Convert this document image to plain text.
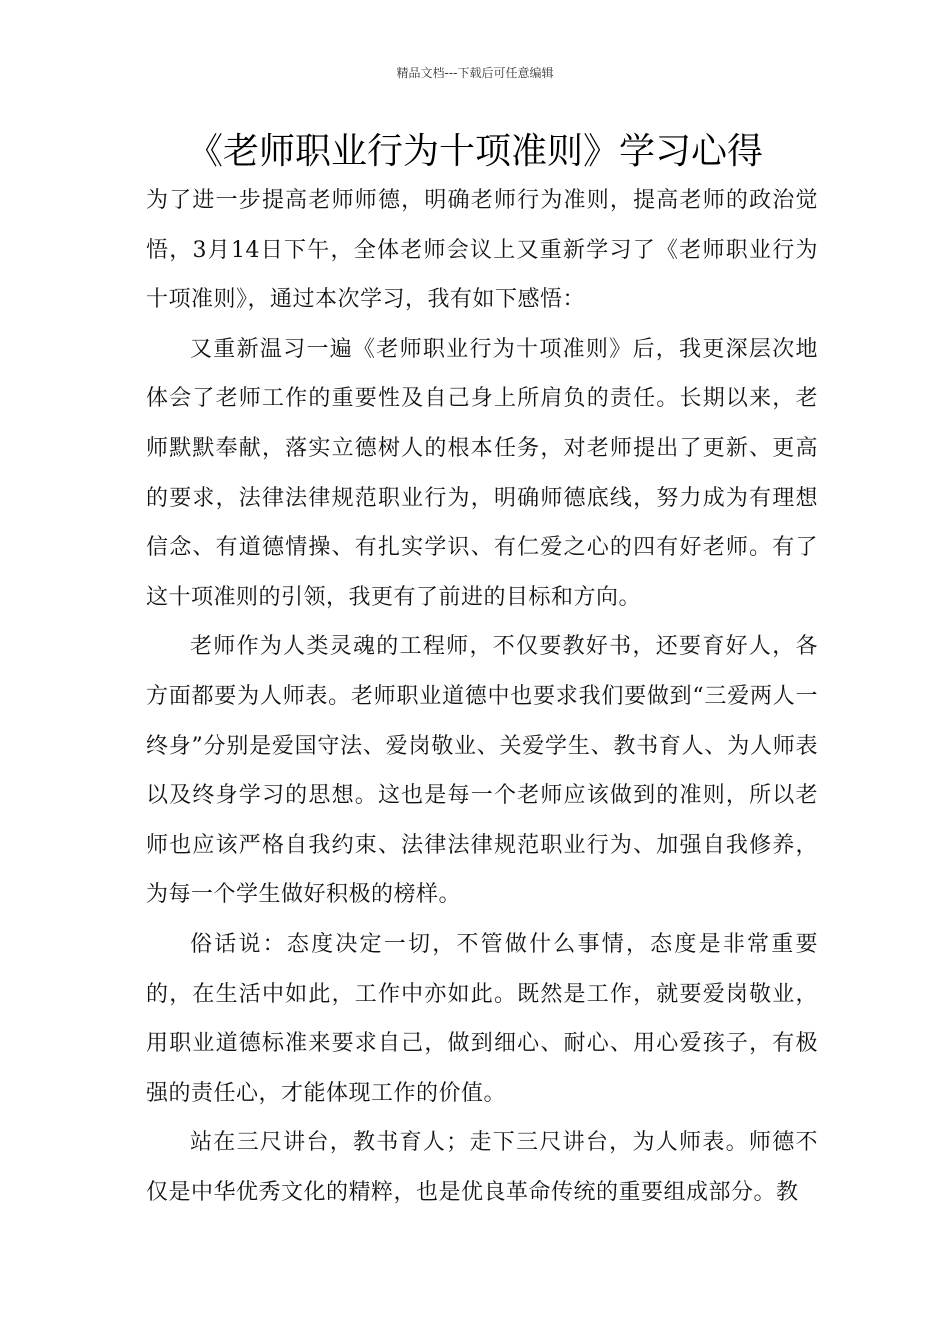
精品文档---下载后可任意编辑
《老师职业行为十项准则》学习心得

为了进一步提高老师师德，明确老师行为准则，提高老师的政治觉悟，3月14日下午，全体老师会议上又重新学习了《老师职业行为十项准则》，通过本次学习，我有如下感悟：

又重新温习一遍《老师职业行为十项准则》后，我更深层次地体会了老师工作的重要性及自己身上所肩负的责任。长期以来，老师默默奉献，落实立德树人的根本任务，对老师提出了更新、更高的要求，法律法律规范职业行为，明确师德底线，努力成为有理想信念、有道德情操、有扎实学识、有仁爱之心的四有好老师。有了这十项准则的引领，我更有了前进的目标和方向。

老师作为人类灵魂的工程师，不仅要教好书，还要育好人，各方面都要为人师表。老师职业道德中也要求我们要做到“三爱两人一终身”分别是爱国守法、爱岗敬业、关爱学生、教书育人、为人师表以及终身学习的思想。这也是每一个老师应该做到的准则，所以老师也应该严格自我约束、法律法律规范职业行为、加强自我修养，为每一个学生做好积极的榜样。

俗话说：态度决定一切，不管做什么事情，态度是非常重要的，在生活中如此，工作中亦如此。既然是工作，就要爱岗敬业，用职业道德标准来要求自己，做到细心、耐心、用心爱孩子，有极强的责任心，才能体现工作的价值。

站在三尺讲台，教书育人；走下三尺讲台，为人师表。师德不仅是中华优秀文化的精粹，也是优良革命传统的重要组成部分。教
